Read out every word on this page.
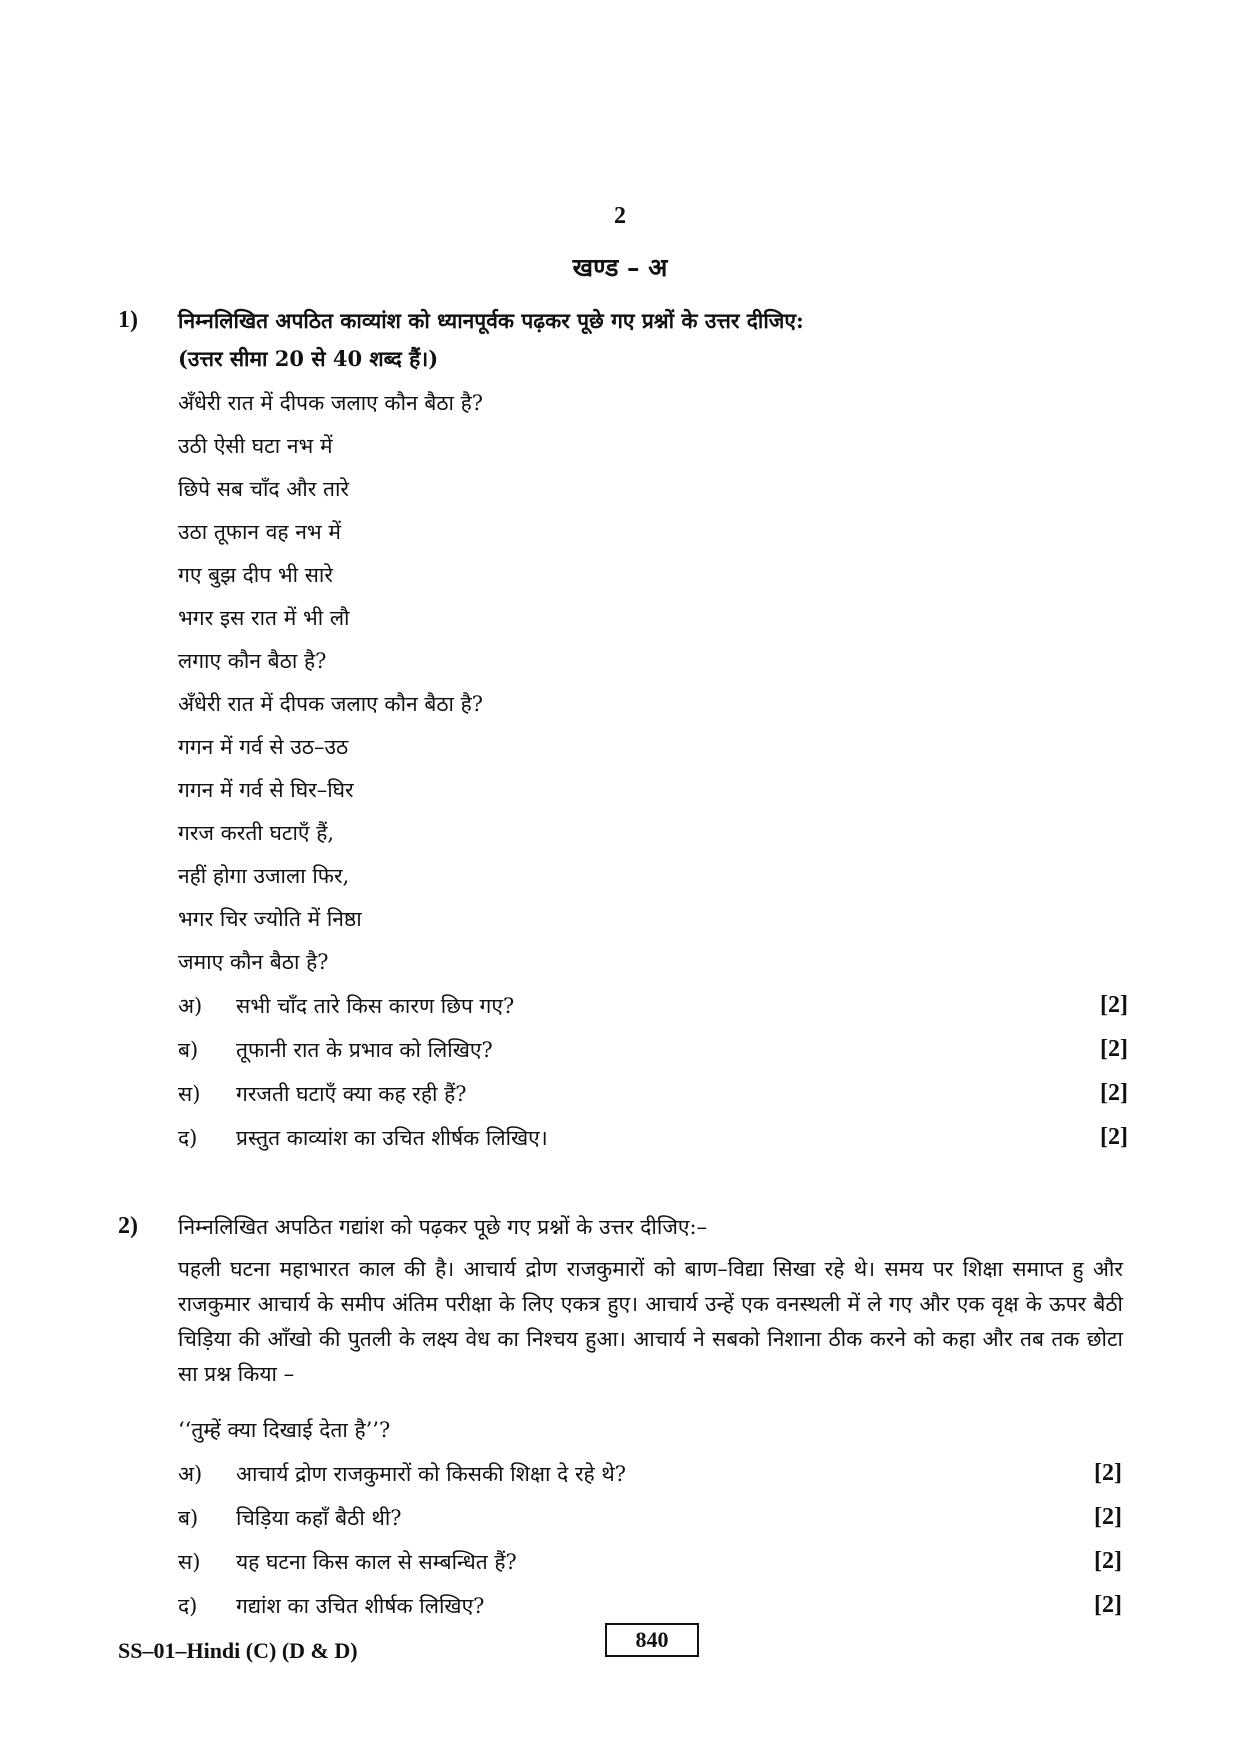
2
खण्ड – अ
1) निम्नलिखित अपठित काव्यांश को ध्यानपूर्वक पढ़कर पूछे गए प्रश्नों के उत्तर दीजिए:
(उत्तर सीमा 20 से 40 शब्द हैं।)
अँधेरी रात में दीपक जलाए कौन बैठा है?
उठी ऐसी घटा नभ में
छिपे सब चाँद और तारे
उठा तूफान वह नभ में
गए बुझ दीप भी सारे
भगर इस रात में भी लौ
लगाए कौन बैठा है?
अँधेरी रात में दीपक जलाए कौन बैठा है?
गगन में गर्व से उठ–उठ
गगन में गर्व से घिर–घिर
गरज करती घटाएँ हैं,
नहीं होगा उजाला फिर,
भगर चिर ज्योति में निष्ठा
जमाए कौन बैठा है?
अ) सभी चाँद तारे किस कारण छिप गए?	[2]
ब) तूफानी रात के प्रभाव को लिखिए?	[2]
स) गरजती घटाएँ क्या कह रही हैं?	[2]
द) प्रस्तुत काव्यांश का उचित शीर्षक लिखिए।	[2]
2) निम्नलिखित अपठित गद्यांश को पढ़कर पूछे गए प्रश्नों के उत्तर दीजिए:–
पहली घटना महाभारत काल की है। आचार्य द्रोण राजकुमारों को बाण–विद्या सिखा रहे थे। समय पर शिक्षा समाप्त हु और राजकुमार आचार्य के समीप अंतिम परीक्षा के लिए एकत्र हुए। आचार्य उन्हें एक वनस्थली में ले गए और एक वृक्ष के ऊपर बैठी चिड़िया की आँखो की पुतली के लक्ष्य वेध का निश्चय हुआ। आचार्य ने सबको निशाना ठीक करने को कहा और तब तक छोटा सा प्रश्न किया –
‘‘तुम्हें क्या दिखाई देता है’’?
अ) आचार्य द्रोण राजकुमारों को किसकी शिक्षा दे रहे थे?	[2]
ब) चिड़िया कहाँ बैठी थी?	[2]
स) यह घटना किस काल से सम्बन्धित हैं?	[2]
द) गद्यांश का उचित शीर्षक लिखिए?	[2]
SS–01–Hindi (C) (D & D)	840
